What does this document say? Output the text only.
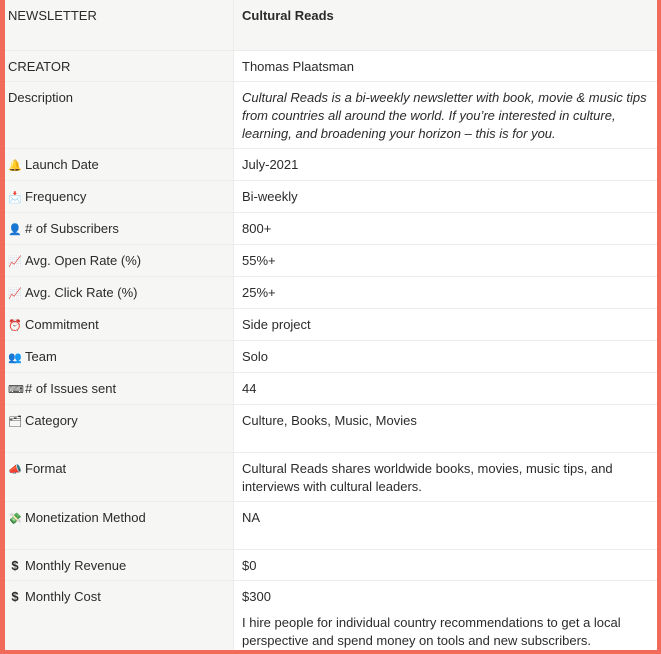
NEWSLETTER	Cultural Reads

CREATOR	Thomas Plaatsman

Description	Cultural Reads is a bi-weekly newsletter with book, movie & music tips from countries all around the world. If you’re interested in culture, learning, and broadening your horizon – this is for you.

🔔 Launch Date	July-2021

📩 Frequency	Bi-weekly

👤 # of Subscribers	800+

📈 Avg. Open Rate (%)	55%+

📈 Avg. Click Rate (%)	25%+

⏰ Commitment	Side project

👥 Team	Solo

⌨# of Issues sent	44

🗂 Category	Culture, Books, Music, Movies

📣 Format	Cultural Reads shares worldwide books, movies, music tips, and interviews with cultural leaders.

💸 Monetization Method	NA

$ Monthly Revenue	$0

$ Monthly Cost	$300

	I hire people for individual country recommendations to get a local perspective and spend money on tools and new subscribers.
